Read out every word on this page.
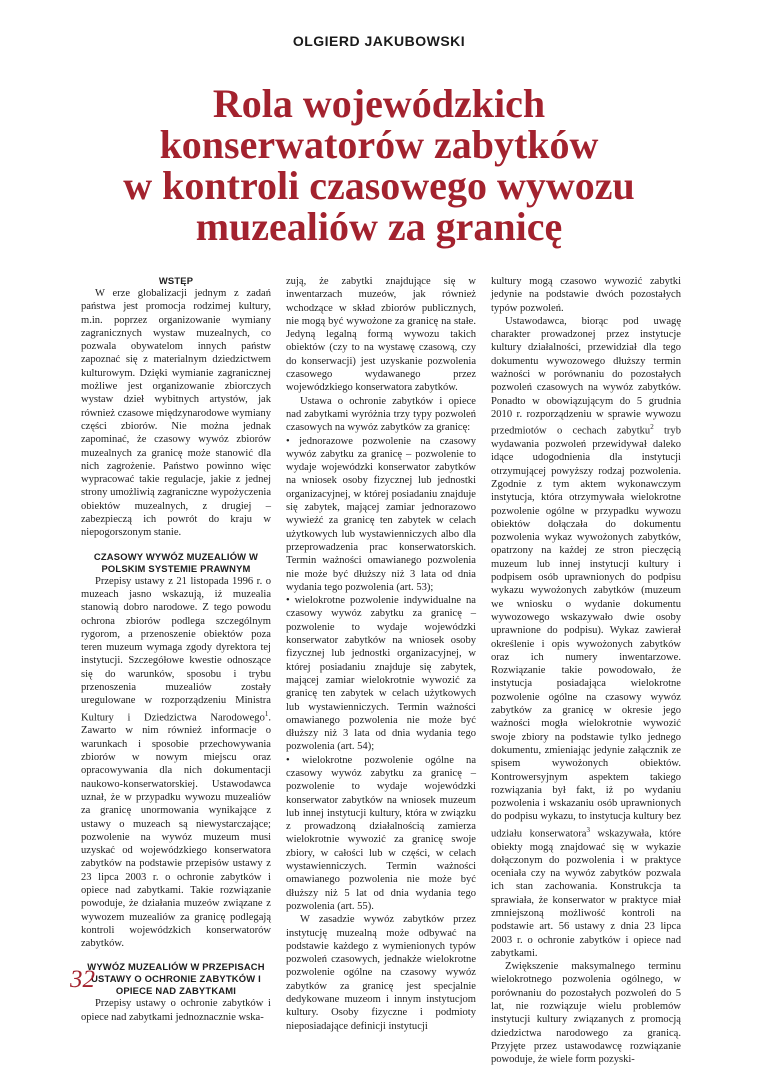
OLGIERD JAKUBOWSKI
Rola wojewódzkich
konserwatorów zabytków
w kontroli czasowego wywozu
muzealiów za granicę
WSTĘP

W erze globalizacji jednym z zadań państwa jest promocja rodzimej kultury, m.in. poprzez organizowanie wymiany zagranicznych wystaw muzealnych, co pozwala obywatelom innych państw zapoznać się z materialnym dziedzictwem kulturowym. Dzięki wymianie zagranicznej możliwe jest organizowanie zbiorczych wystaw dzieł wybitnych artystów, jak również czasowe międzynarodowe wymiany części zbiorów. Nie można jednak zapominać, że czasowy wywóz zbiorów muzealnych za granicę może stanowić dla nich zagrożenie. Państwo powinno więc wypracować takie regulacje, jakie z jednej strony umożliwią zagraniczne wypożyczenia obiektów muzealnych, z drugiej – zabezpieczą ich powrót do kraju w niepogorszonym stanie.

CZASOWY WYWÓZ MUZEALIÓW W POLSKIM SYSTEMIE PRAWNYM

Przepisy ustawy z 21 listopada 1996 r. o muzeach jasno wskazują, iż muzealia stanowią dobro narodowe. Z tego powodu ochrona zbiorów podlega szczególnym rygorom, a przenoszenie obiektów poza teren muzeum wymaga zgody dyrektora tej instytucji. Szczegółowe kwestie odnoszące się do warunków, sposobu i trybu przenoszenia muzealiów zostały uregulowane w rozporządzeniu Ministra Kultury i Dziedzictwa Narodowego$^1$. Zawarto w nim również informacje o warunkach i sposobie przechowywania zbiorów w nowym miejscu oraz opracowywania dla nich dokumentacji naukowo-konserwatorskiej. Ustawodawca uznał, że w przypadku wywozu muzealiów za granicę unormowania wynikające z ustawy o muzeach są niewystarczające; pozwolenie na wywóz muzeum musi uzyskać od wojewódzkiego konserwatora zabytków na podstawie przepisów ustawy z 23 lipca 2003 r. o ochronie zabytków i opiece nad zabytkami. Takie rozwiązanie powoduje, że działania muzeów związane z wywozem muzealiów za granicę podlegają kontroli wojewódzkich konserwatorów zabytków.

WYWÓZ MUZEALIÓW W PRZEPISACH USTAWY O OCHRONIE ZABYTKÓW I OPIECE NAD ZABYTKAMI

Przepisy ustawy o ochronie zabytków i opiece nad zabytkami jednoznacznie wska-

zują, że zabytki znajdujące się w inwentarzach muzeów, jak również wchodzące w skład zbiorów publicznych, nie mogą być wywożone za granicę na stałe. Jedyną legalną formą wywozu takich obiektów (czy to na wystawę czasową, czy do konserwacji) jest uzyskanie pozwolenia czasowego wydawanego przez wojewódzkiego konserwatora zabytków.

Ustawa o ochronie zabytków i opiece nad zabytkami wyróżnia trzy typy pozwoleń czasowych na wywóz zabytków za granicę:

• jednorazowe pozwolenie na czasowy wywóz zabytku za granicę – pozwolenie to wydaje wojewódzki konserwator zabytków na wniosek osoby fizycznej lub jednostki organizacyjnej, w której posiadaniu znajduje się zabytek, mającej zamiar jednorazowo wywieźć za granicę ten zabytek w celach użytkowych lub wystawienniczych albo dla przeprowadzenia prac konserwatorskich. Termin ważności omawianego pozwolenia nie może być dłuższy niż 3 lata od dnia wydania tego pozwolenia (art. 53);

• wielokrotne pozwolenie indywidualne na czasowy wywóz zabytku za granicę – pozwolenie to wydaje wojewódzki konserwator zabytków na wniosek osoby fizycznej lub jednostki organizacyjnej, w której posiadaniu znajduje się zabytek, mającej zamiar wielokrotnie wywozić za granicę ten zabytek w celach użytkowych lub wystawienniczych. Termin ważności omawianego pozwolenia nie może być dłuższy niż 3 lata od dnia wydania tego pozwolenia (art. 54);

• wielokrotne pozwolenie ogólne na czasowy wywóz zabytku za granicę – pozwolenie to wydaje wojewódzki konserwator zabytków na wniosek muzeum lub innej instytucji kultury, która w związku z prowadzoną działalnością zamierza wielokrotnie wywozić za granicę swoje zbiory, w całości lub w części, w celach wystawienniczych. Termin ważności omawianego pozwolenia nie może być dłuższy niż 5 lat od dnia wydania tego pozwolenia (art. 55).

W zasadzie wywóz zabytków przez instytucję muzealną może odbywać na podstawie każdego z wymienionych typów pozwoleń czasowych, jednakże wielokrotne pozwolenie ogólne na czasowy wywóz zabytków za granicę jest specjalnie dedykowane muzeom i innym instytucjom kultury. Osoby fizyczne i podmioty nieposiadające definicji instytucji

kultury mogą czasowo wywozić zabytki jedynie na podstawie dwóch pozostałych typów pozwoleń.

Ustawodawca, biorąc pod uwagę charakter prowadzonej przez instytucje kultury działalności, przewidział dla tego dokumentu wywozowego dłuższy termin ważności w porównaniu do pozostałych pozwoleń czasowych na wywóz zabytków. Ponadto w obowiązującym do 5 grudnia 2010 r. rozporządzeniu w sprawie wywozu przedmiotów o cechach zabytku$^2$ tryb wydawania pozwoleń przewidywał daleko idące udogodnienia dla instytucji otrzymującej powyższy rodzaj pozwolenia. Zgodnie z tym aktem wykonawczym instytucja, która otrzymywała wielokrotne pozwolenie ogólne w przypadku wywozu obiektów dołączała do dokumentu pozwolenia wykaz wywożonych zabytków, opatrzony na każdej ze stron pieczęcią muzeum lub innej instytucji kultury i podpisem osób uprawnionych do podpisu wykazu wywożonych zabytków (muzeum we wniosku o wydanie dokumentu wywozowego wskazywało dwie osoby uprawnione do podpisu). Wykaz zawierał określenie i opis wywożonych zabytków oraz ich numery inwentarzowe. Rozwiązanie takie powodowało, że instytucja posiadająca wielokrotne pozwolenie ogólne na czasowy wywóz zabytków za granicę w okresie jego ważności mogła wielokrotnie wywozić swoje zbiory na podstawie tylko jednego dokumentu, zmieniając jedynie załącznik ze spisem wywożonych obiektów. Kontrowersyjnym aspektem takiego rozwiązania był fakt, iż po wydaniu pozwolenia i wskazaniu osób uprawnionych do podpisu wykazu, to instytucja kultury bez udziału konserwatora$^3$ wskazywała, które obiekty mogą znajdować się w wykazie dołączonym do pozwolenia i w praktyce oceniała czy na wywóz zabytków pozwala ich stan zachowania. Konstrukcja ta sprawiała, że konserwator w praktyce miał zmniejszoną możliwość kontroli na podstawie art. 56 ustawy z dnia 23 lipca 2003 r. o ochronie zabytków i opiece nad zabytkami.

Zwiększenie maksymalnego terminu wielokrotnego pozwolenia ogólnego, w porównaniu do pozostałych pozwoleń do 5 lat, nie rozwiązuje wielu problemów instytucji kultury związanych z promocją dziedzictwa narodowego za granicą. Przyjęte przez ustawodawcę rozwiązanie powoduje, że wiele form pozyski-

32
